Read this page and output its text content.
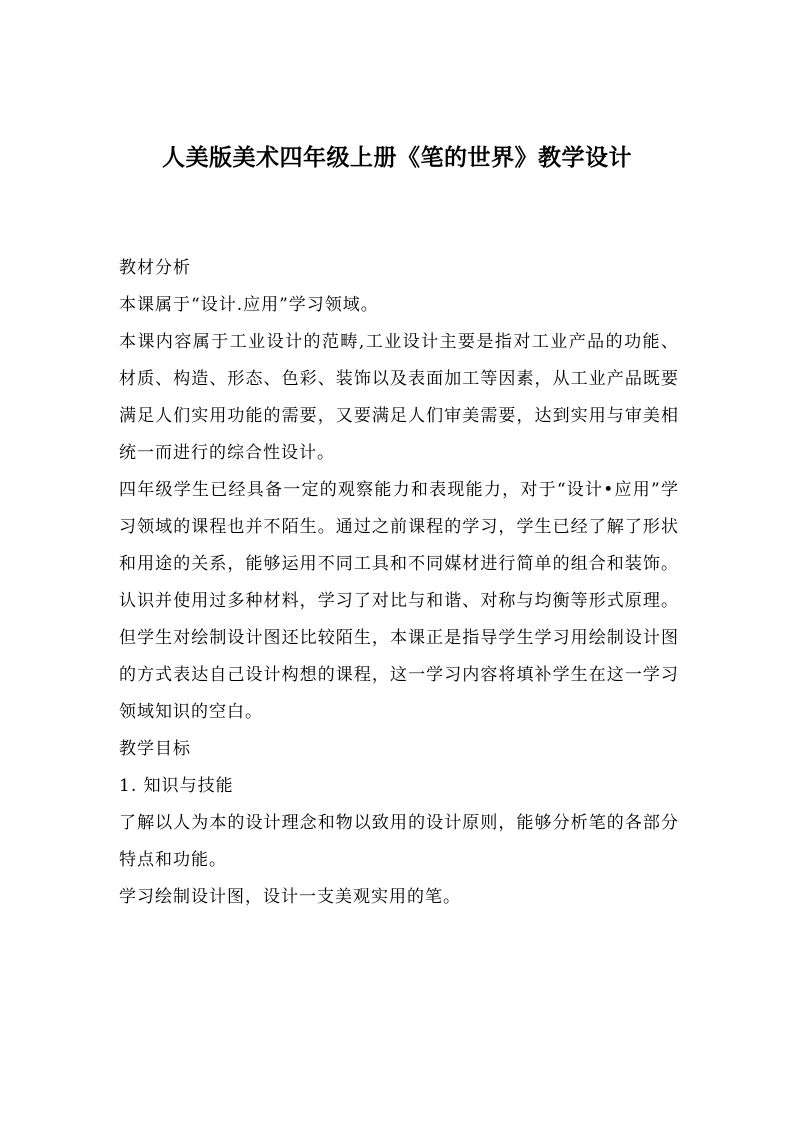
人美版美术四年级上册《笔的世界》教学设计

教材分析

本课属于“设计.应用”学习领域。

本课内容属于工业设计的范畴,工业设计主要是指对工业产品的功能、材质、构造、形态、色彩、装饰以及表面加工等因素，从工业产品既要满足人们实用功能的需要，又要满足人们审美需要，达到实用与审美相统一而进行的综合性设计。

四年级学生已经具备一定的观察能力和表现能力，对于“设计•应用”学习领域的课程也并不陌生。通过之前课程的学习，学生已经了解了形状和用途的关系，能够运用不同工具和不同媒材进行简单的组合和装饰。认识并使用过多种材料，学习了对比与和谐、对称与均衡等形式原理。但学生对绘制设计图还比较陌生，本课正是指导学生学习用绘制设计图的方式表达自己设计构想的课程，这一学习内容将填补学生在这一学习领域知识的空白。

教学目标

1. 知识与技能

了解以人为本的设计理念和物以致用的设计原则，能够分析笔的各部分特点和功能。

学习绘制设计图，设计一支美观实用的笔。
